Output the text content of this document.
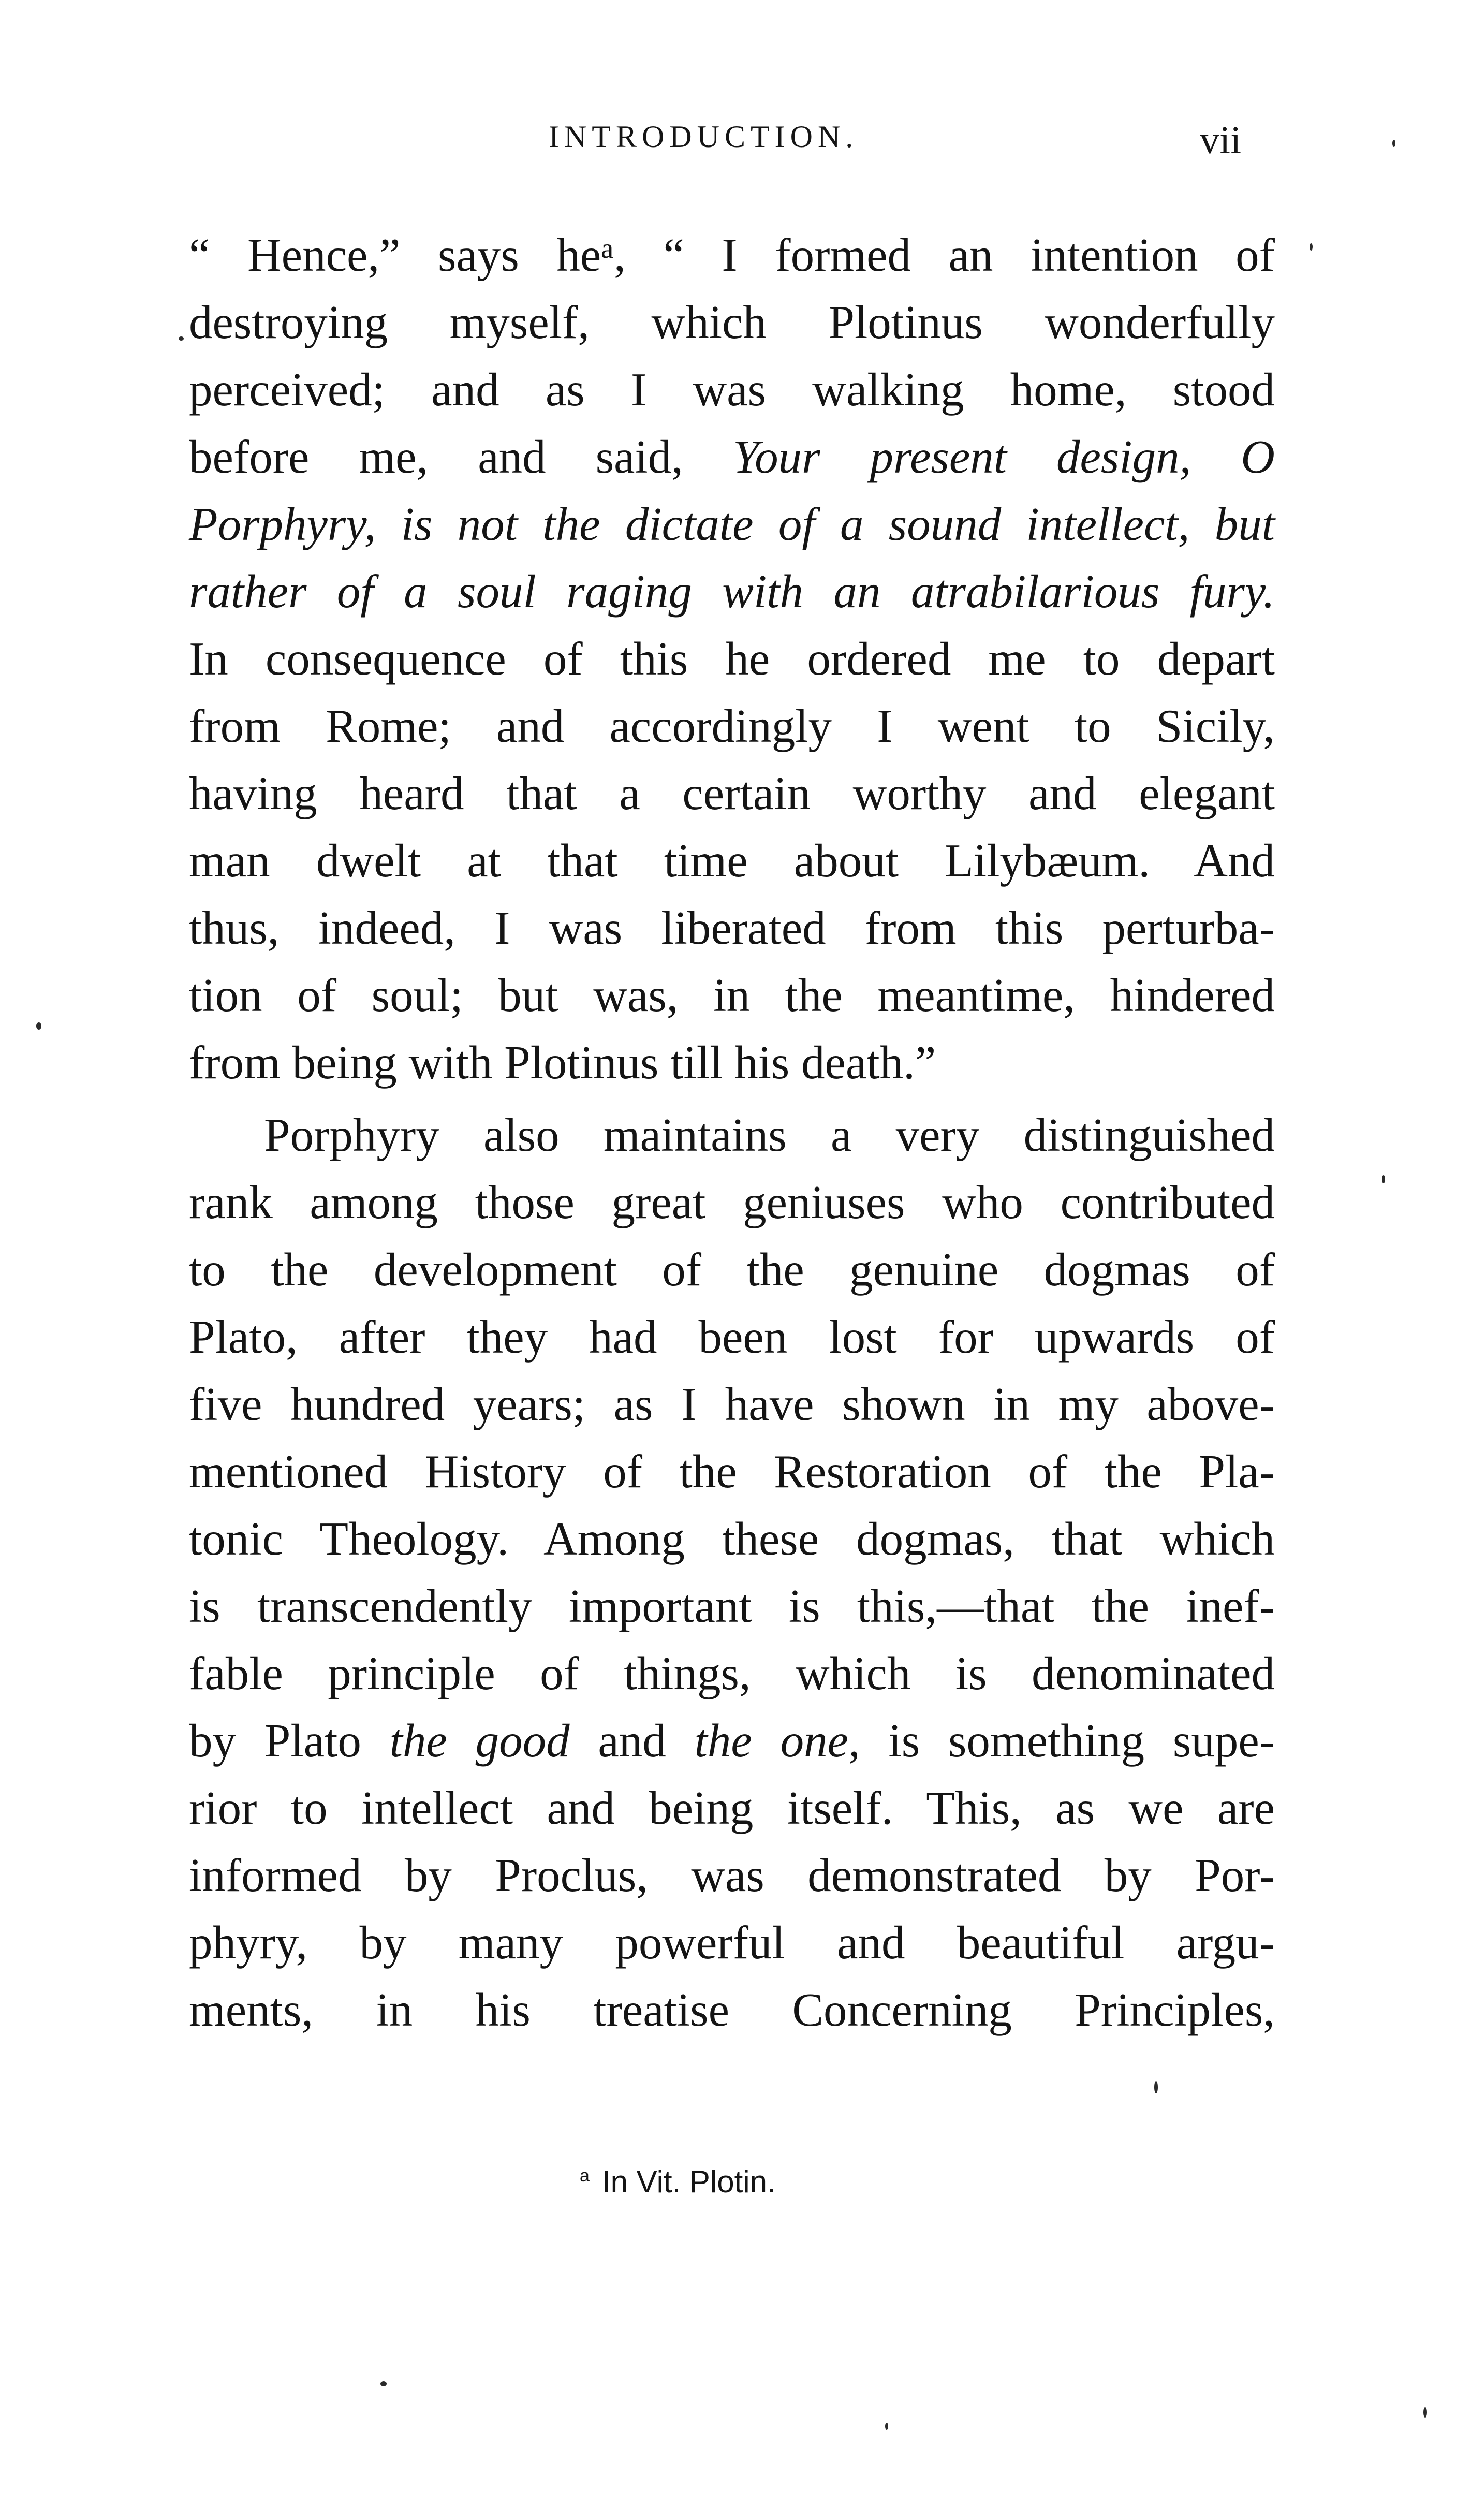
INTRODUCTION.	vii
“ Hence,” says heᵃ, “ I formed an intention of
destroying myself, which Plotinus wonderfully
perceived; and as I was walking home, stood
before me, and said, Your present design, O
Porphyry, is not the dictate of a sound intellect, but
rather of a soul raging with an atrabilarious fury.
In consequence of this he ordered me to depart
from Rome; and accordingly I went to Sicily,
having heard that a certain worthy and elegant
man dwelt at that time about Lilybæum. And
thus, indeed, I was liberated from this perturba-
tion of soul; but was, in the meantime, hindered
from being with Plotinus till his death.”
Porphyry also maintains a very distinguished
rank among those great geniuses who contributed
to the development of the genuine dogmas of
Plato, after they had been lost for upwards of
five hundred years; as I have shown in my above-
mentioned History of the Restoration of the Pla-
tonic Theology. Among these dogmas, that which
is transcendently important is this,—that the inef-
fable principle of things, which is denominated
by Plato the good and the one, is something supe-
rior to intellect and being itself. This, as we are
informed by Proclus, was demonstrated by Por-
phyry, by many powerful and beautiful argu-
ments, in his treatise Concerning Principles,
$^a$ In Vit. Plotin.
